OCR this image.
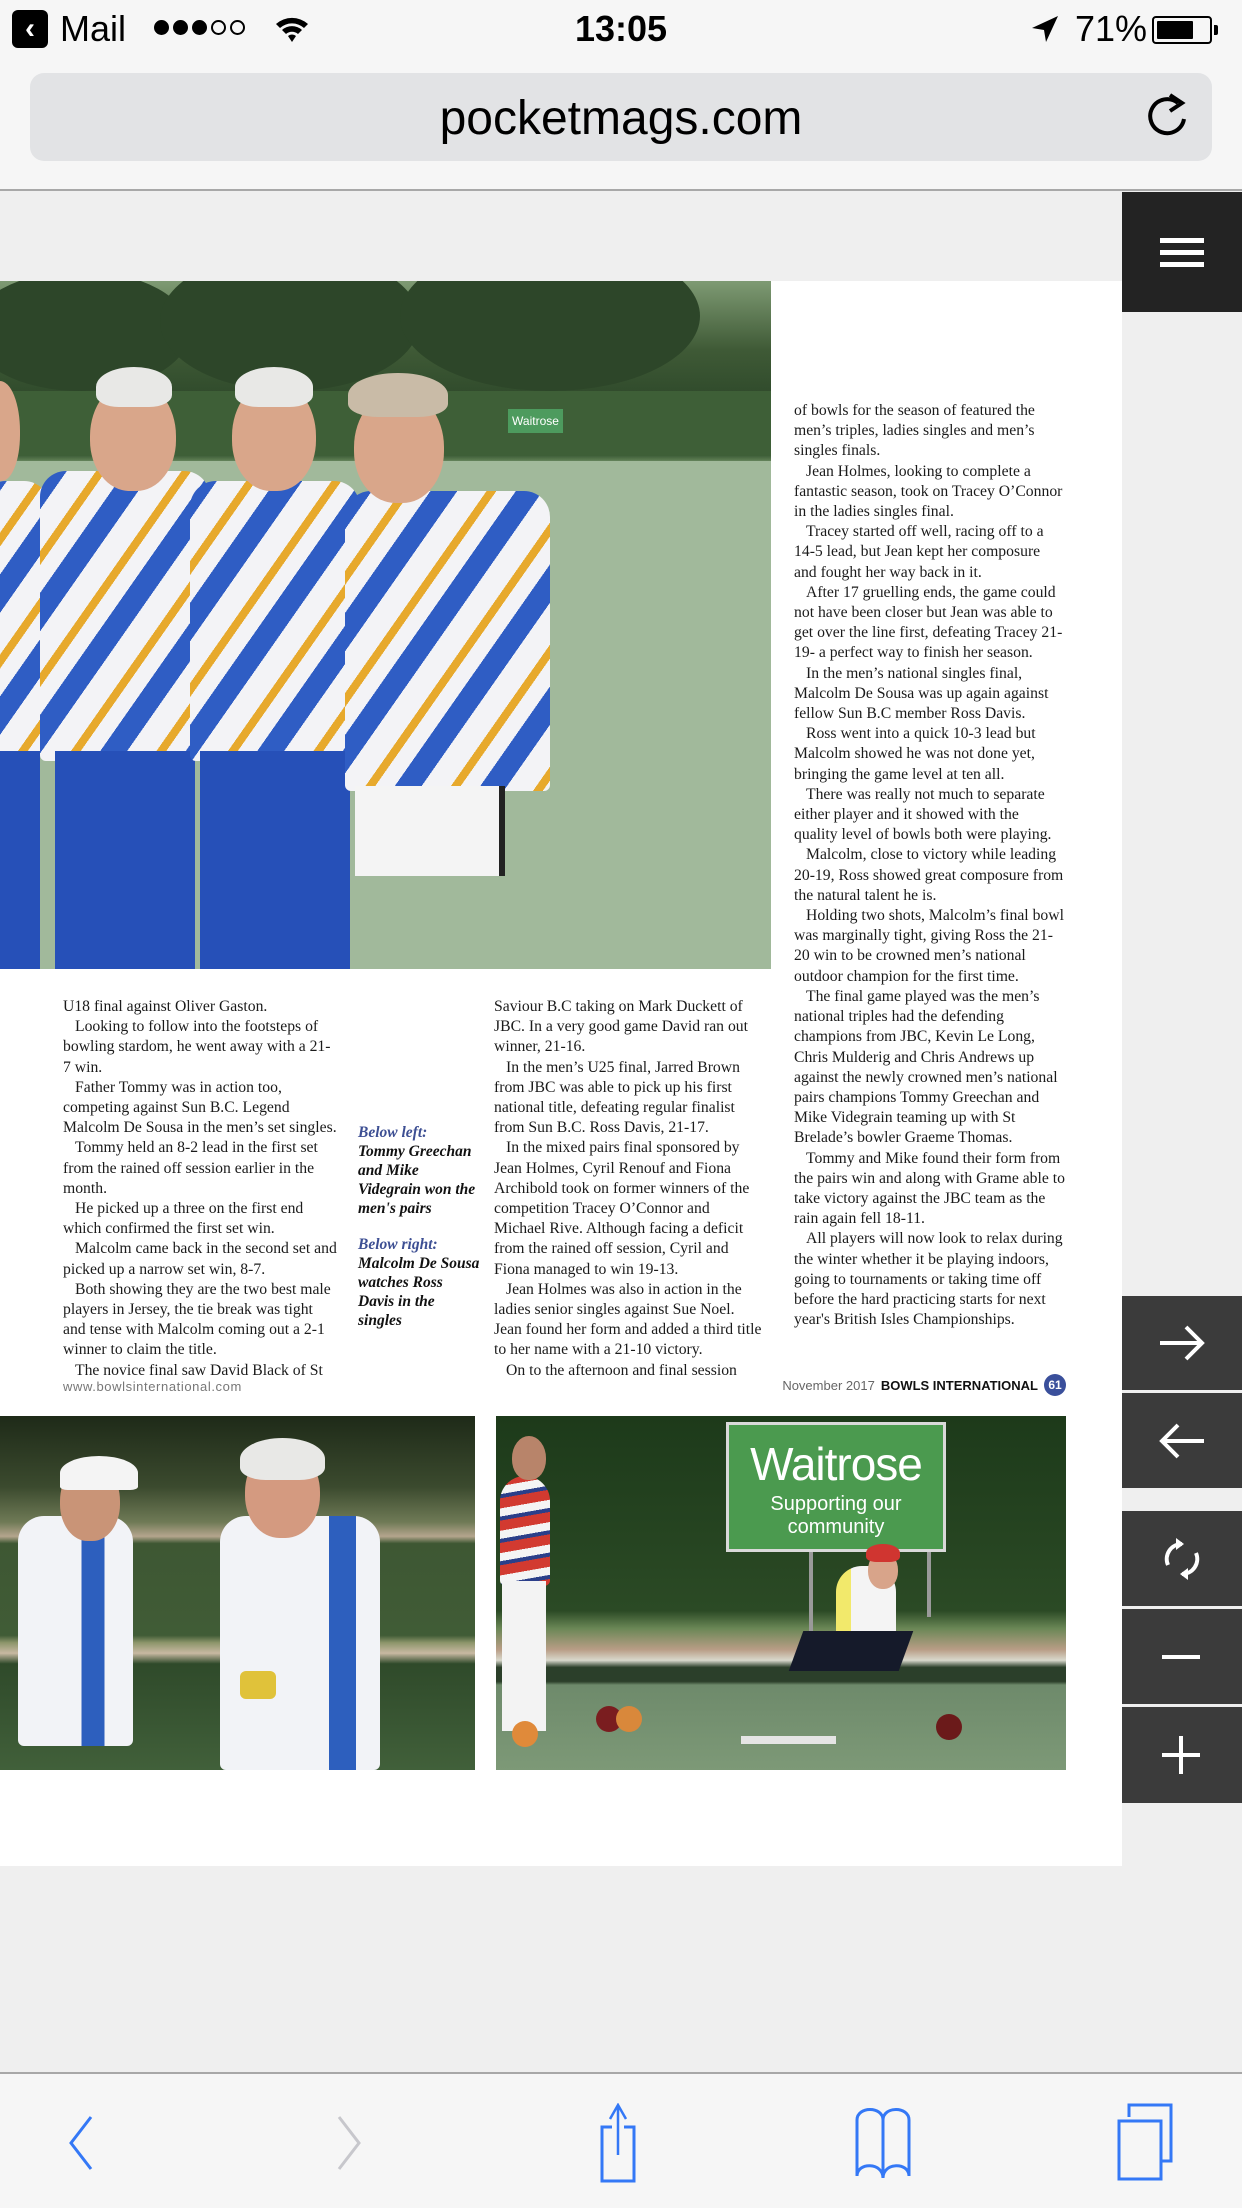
‹ Mail	13:05	71%
pocketmags.com
Waitrose

U18 final against Oliver Gaston.

Looking to follow into the footsteps of bowling stardom, he went away with a 21-7 win.

Father Tommy was in action too, competing against Sun B.C. Legend Malcolm De Sousa in the men’s set singles.

Tommy held an 8-2 lead in the first set from the rained off session earlier in the month.

He picked up a three on the first end which confirmed the first set win.

Malcolm came back in the second set and picked up a narrow set win, 8-7.

Both showing they are the two best male players in Jersey, the tie break was tight and tense with Malcolm coming out a 2-1 winner to claim the title.

The novice final saw David Black of St

Saviour B.C taking on Mark Duckett of JBC. In a very good game David ran out winner, 21-16.

In the men’s U25 final, Jarred Brown from JBC was able to pick up his first national title, defeating regular finalist from Sun B.C. Ross Davis, 21-17.

In the mixed pairs final sponsored by Jean Holmes, Cyril Renouf and Fiona Archibold took on former winners of the competition Tracey O’Connor and Michael Rive. Although facing a deficit from the rained off session, Cyril and Fiona managed to win 19-13.

Jean Holmes was also in action in the ladies senior singles against Sue Noel. Jean found her form and added a third title to her name with a 21-10 victory.

On to the afternoon and final session

of bowls for the season of featured the men’s triples, ladies singles and men’s singles finals.

Jean Holmes, looking to complete a fantastic season, took on Tracey O’Connor in the ladies singles final.

Tracey started off well, racing off to a 14-5 lead, but Jean kept her composure and fought her way back in it.

After 17 gruelling ends, the game could not have been closer but Jean was able to get over the line first, defeating Tracey 21-19- a perfect way to finish her season.

In the men’s national singles final, Malcolm De Sousa was up again against fellow Sun B.C member Ross Davis.

Ross went into a quick 10-3 lead but Malcolm showed he was not done yet, bringing the game level at ten all.

There was really not much to separate either player and it showed with the quality level of bowls both were playing.

Malcolm, close to victory while leading 20-19, Ross showed great composure from the natural talent he is.

Holding two shots, Malcolm’s final bowl was marginally tight, giving Ross the 21-20 win to be crowned men’s national outdoor champion for the first time.

The final game played was the men’s national triples had the defending champions from JBC, Kevin Le Long, Chris Mulderig and Chris Andrews up against the newly crowned men’s national pairs champions Tommy Greechan and Mike Videgrain teaming up with St Brelade’s bowler Graeme Thomas.

Tommy and Mike found their form from the pairs win and along with Grame able to take victory against the JBC team as the rain again fell 18-11.

All players will now look to relax during the winter whether it be playing indoors, going to tournaments or taking time off before the hard practicing starts for next year's British Isles Championships.

Below left:
Tommy Greechan and Mike Videgrain won the men's pairs
Below right:
Malcolm De Sousa watches Ross Davis in the singles
Waitrose
Supporting our community
www.bowlsinternational.com	November 2017 BOWLS INTERNATIONAL 61
